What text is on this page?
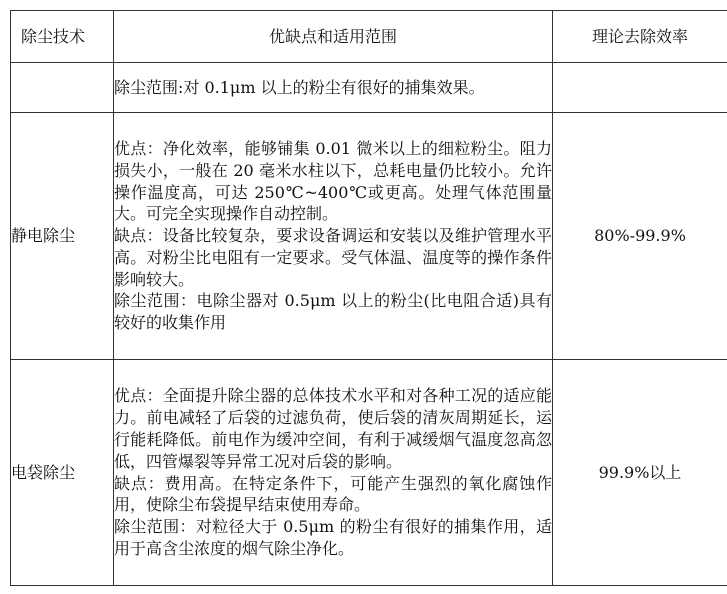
除尘技术	优缺点和适用范围	理论去除效率

	除尘范围:对 0.1μm 以上的粉尘有很好的捕集效果。	

静电除尘	优点：净化效率，能够铺集 0.01 微米以上的细粒粉尘。阻力损失小，一般在 20 毫米水柱以下，总耗电量仍比较小。允许操作温度高，可达 250℃~400℃或更高。处理气体范围量大。可完全实现操作自动控制。

缺点：设备比较复杂，要求设备调运和安装以及维护管理水平高。对粉尘比电阻有一定要求。受气体温、温度等的操作条件影响较大。

除尘范围：电除尘器对 0.5μm 以上的粉尘(比电阻合适)具有较好的收集作用	80%-99.9%
电袋除尘	优点：全面提升除尘器的总体技术水平和对各种工况的适应能力。前电减轻了后袋的过滤负荷，使后袋的清灰周期延长，运行能耗降低。前电作为缓冲空间，有利于减缓烟气温度忽高忽低，四管爆裂等异常工况对后袋的影响。

缺点：费用高。在特定条件下，可能产生强烈的氧化腐蚀作用，使除尘布袋提早结束使用寿命。

除尘范围：对粒径大于 0.5μm 的粉尘有很好的捕集作用，适用于高含尘浓度的烟气除尘净化。	99.9%以上
